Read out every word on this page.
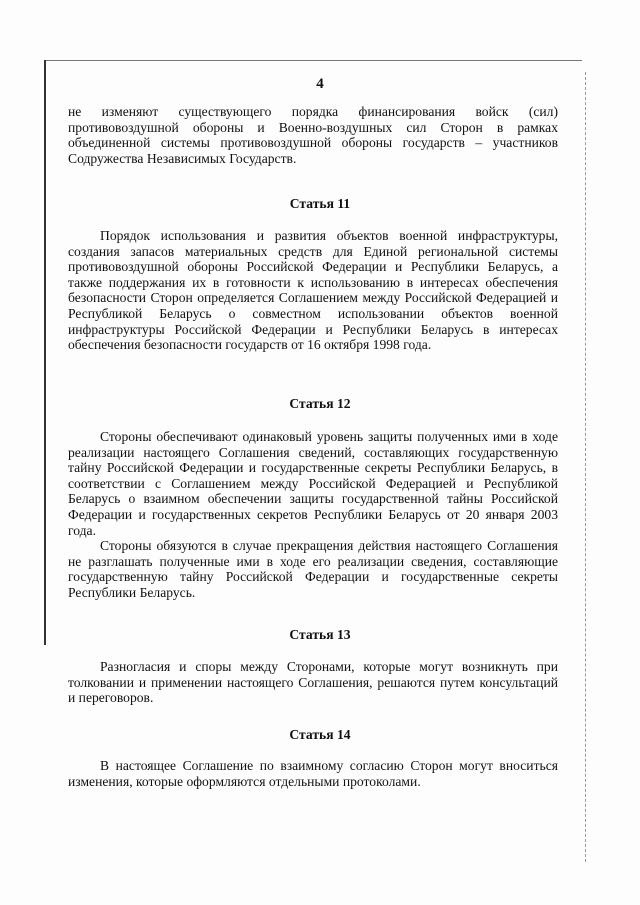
4

не изменяют существующего порядка финансирования войск (сил) противовоздушной обороны и Военно-воздушных сил Сторон в рамках объединенной системы противовоздушной обороны государств – участников Содружества Независимых Государств.

Статья 11

Порядок использования и развития объектов военной инфраструктуры, создания запасов материальных средств для Единой региональной системы противовоздушной обороны Российской Федерации и Республики Беларусь, а также поддержания их в готовности к использованию в интересах обеспечения безопасности Сторон определяется Соглашением между Российской Федерацией и Республикой Беларусь о совместном использовании объектов военной инфраструктуры Российской Федерации и Республики Беларусь в интересах обеспечения безопасности государств от 16 октября 1998 года.

Статья 12

Стороны обеспечивают одинаковый уровень защиты полученных ими в ходе реализации настоящего Соглашения сведений, составляющих государственную тайну Российской Федерации и государственные секреты Республики Беларусь, в соответствии с Соглашением между Российской Федерацией и Республикой Беларусь о взаимном обеспечении защиты государственной тайны Российской Федерации и государственных секретов Республики Беларусь от 20 января 2003 года.

Стороны обязуются в случае прекращения действия настоящего Соглашения не разглашать полученные ими в ходе его реализации сведения, составляющие государственную тайну Российской Федерации и государственные секреты Республики Беларусь.

Статья 13

Разногласия и споры между Сторонами, которые могут возникнуть при толковании и применении настоящего Соглашения, решаются путем консультаций и переговоров.

Статья 14

В настоящее Соглашение по взаимному согласию Сторон могут вноситься изменения, которые оформляются отдельными протоколами.
